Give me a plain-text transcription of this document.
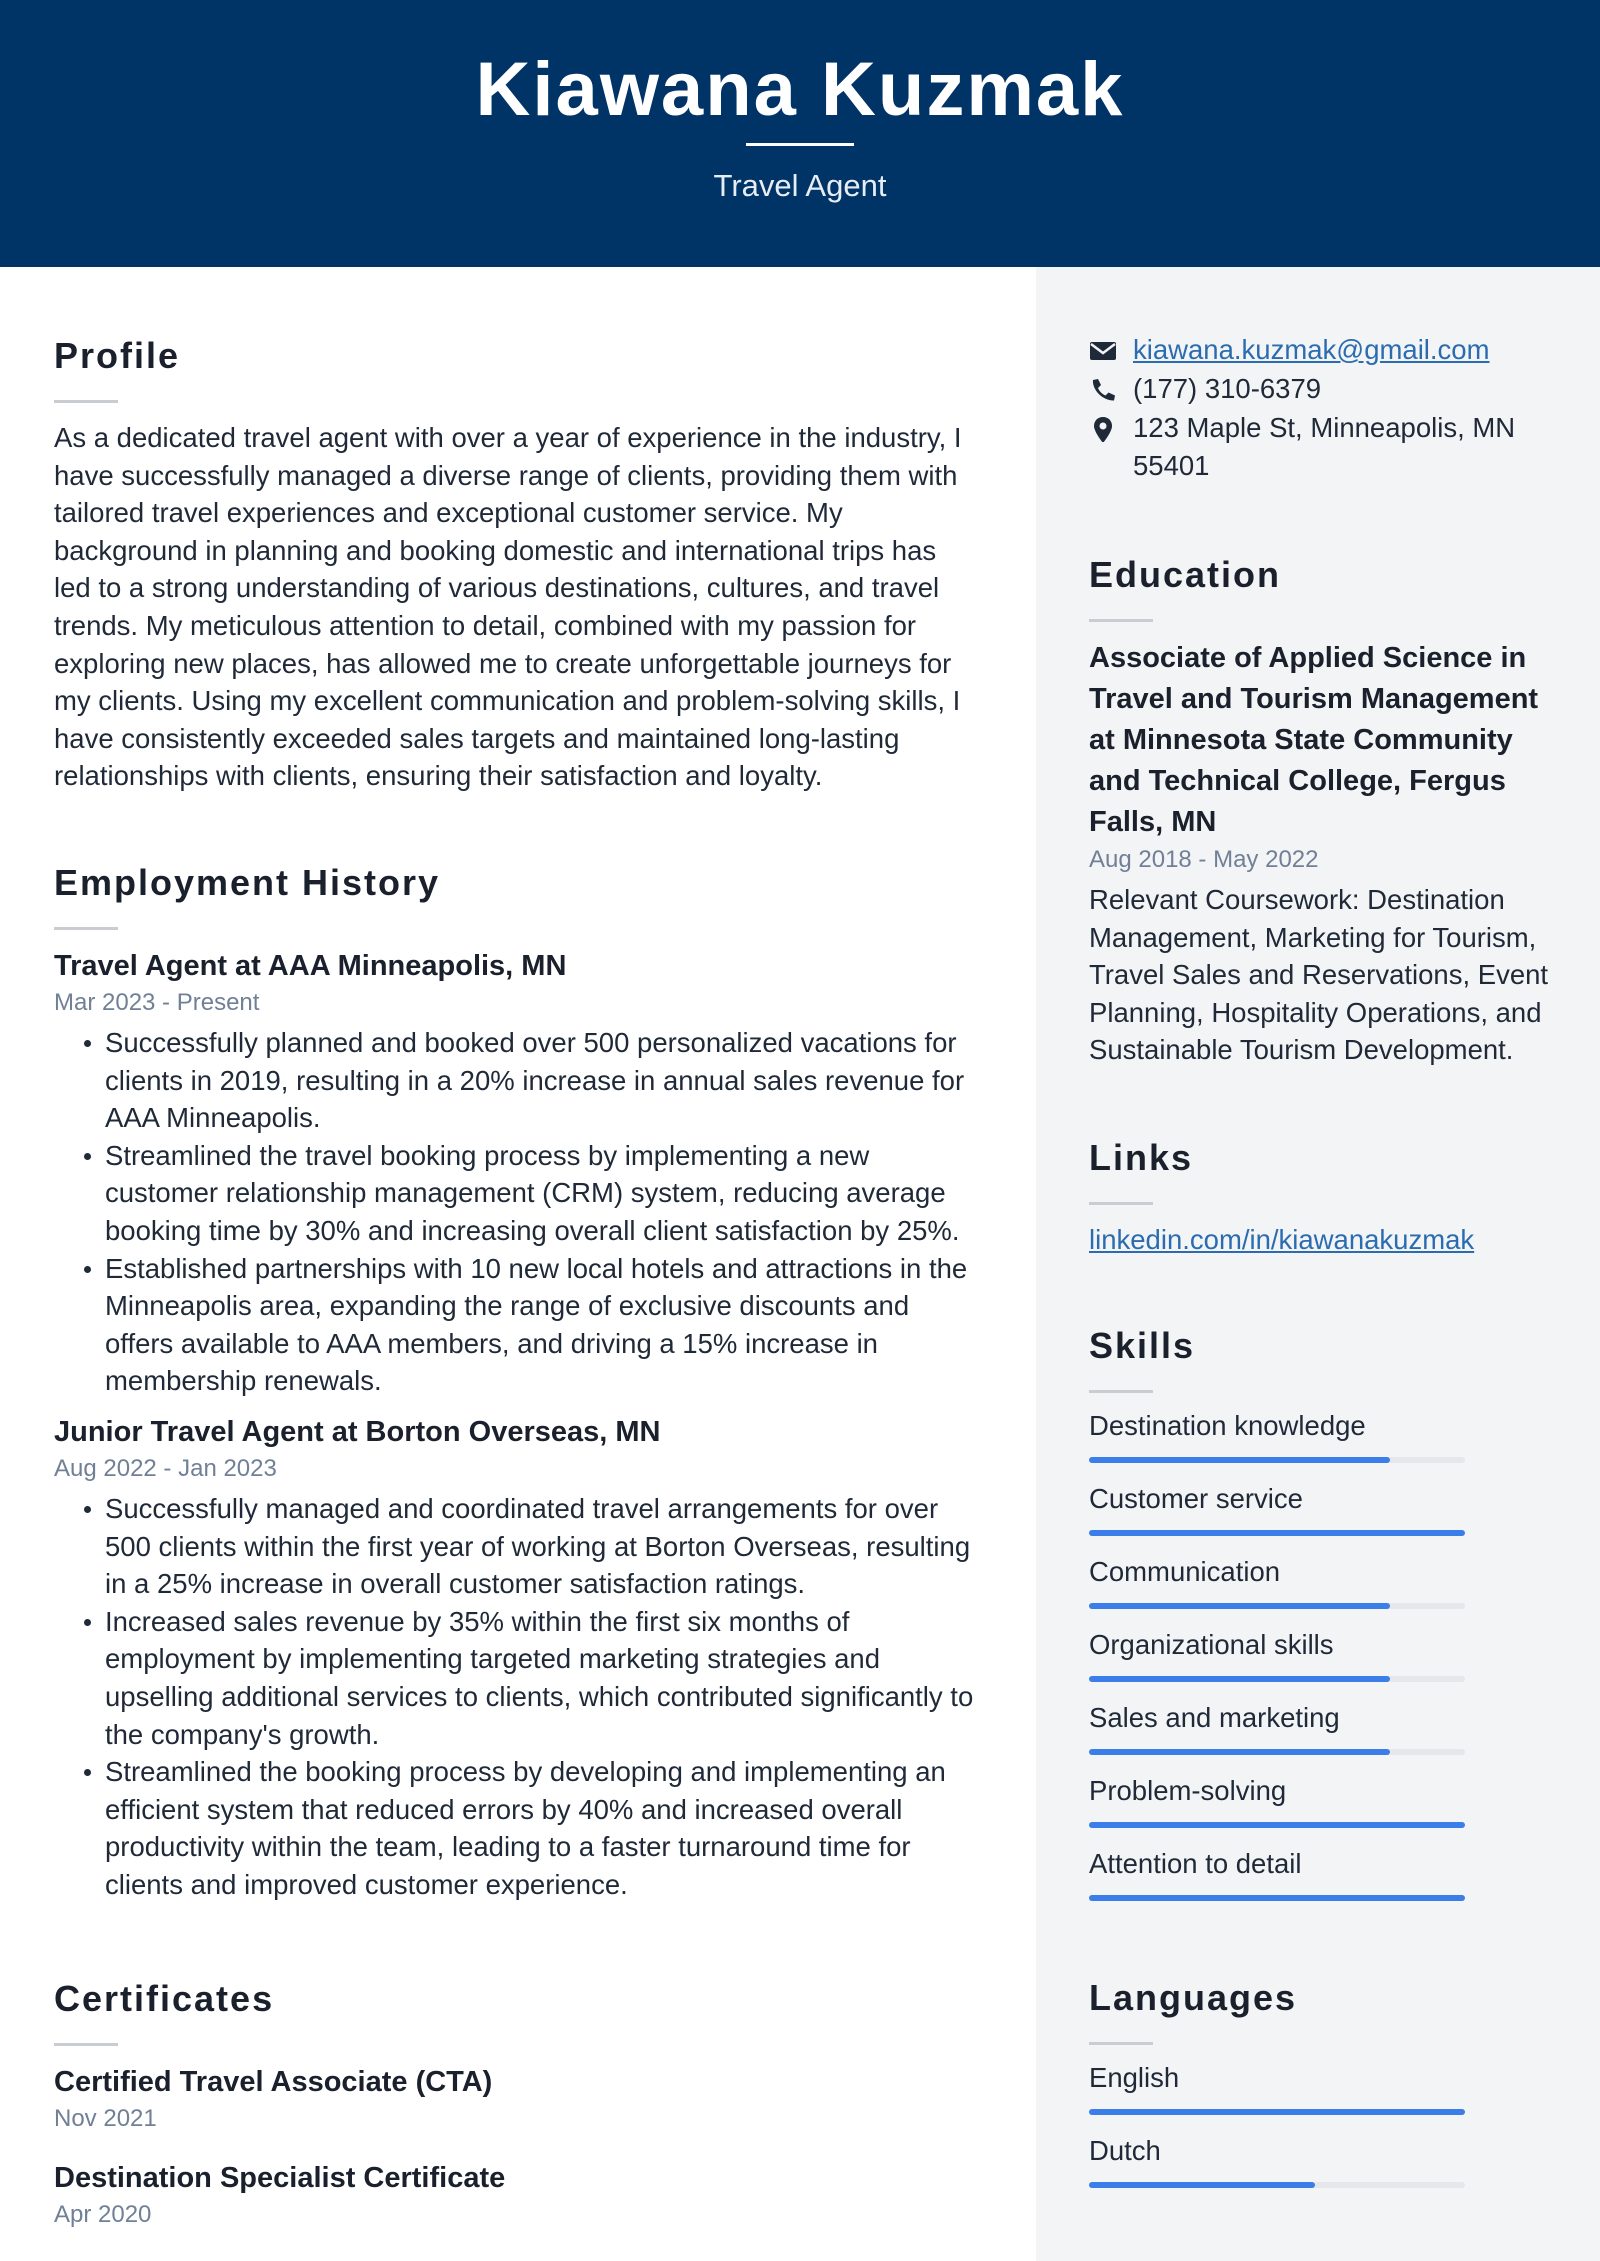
Kiawana Kuzmak
Travel Agent
Profile
As a dedicated travel agent with over a year of experience in the industry, I have successfully managed a diverse range of clients, providing them with tailored travel experiences and exceptional customer service. My background in planning and booking domestic and international trips has led to a strong understanding of various destinations, cultures, and travel trends. My meticulous attention to detail, combined with my passion for exploring new places, has allowed me to create unforgettable journeys for my clients. Using my excellent communication and problem-solving skills, I have consistently exceeded sales targets and maintained long-lasting relationships with clients, ensuring their satisfaction and loyalty.
Employment History
Travel Agent at AAA Minneapolis, MN
Mar 2023 - Present
Successfully planned and booked over 500 personalized vacations for clients in 2019, resulting in a 20% increase in annual sales revenue for AAA Minneapolis.
Streamlined the travel booking process by implementing a new customer relationship management (CRM) system, reducing average booking time by 30% and increasing overall client satisfaction by 25%.
Established partnerships with 10 new local hotels and attractions in the Minneapolis area, expanding the range of exclusive discounts and offers available to AAA members, and driving a 15% increase in membership renewals.
Junior Travel Agent at Borton Overseas, MN
Aug 2022 - Jan 2023
Successfully managed and coordinated travel arrangements for over 500 clients within the first year of working at Borton Overseas, resulting in a 25% increase in overall customer satisfaction ratings.
Increased sales revenue by 35% within the first six months of employment by implementing targeted marketing strategies and upselling additional services to clients, which contributed significantly to the company's growth.
Streamlined the booking process by developing and implementing an efficient system that reduced errors by 40% and increased overall productivity within the team, leading to a faster turnaround time for clients and improved customer experience.
Certificates
Certified Travel Associate (CTA)
Nov 2021
Destination Specialist Certificate
Apr 2020
kiawana.kuzmak@gmail.com
(177) 310-6379
123 Maple St, Minneapolis, MN 55401
Education
Associate of Applied Science in Travel and Tourism Management at Minnesota State Community and Technical College, Fergus Falls, MN
Aug 2018 - May 2022
Relevant Coursework: Destination Management, Marketing for Tourism, Travel Sales and Reservations, Event Planning, Hospitality Operations, and Sustainable Tourism Development.
Links
linkedin.com/in/kiawanakuzmak
Skills
Destination knowledge
Customer service
Communication
Organizational skills
Sales and marketing
Problem-solving
Attention to detail
Languages
English
Dutch
